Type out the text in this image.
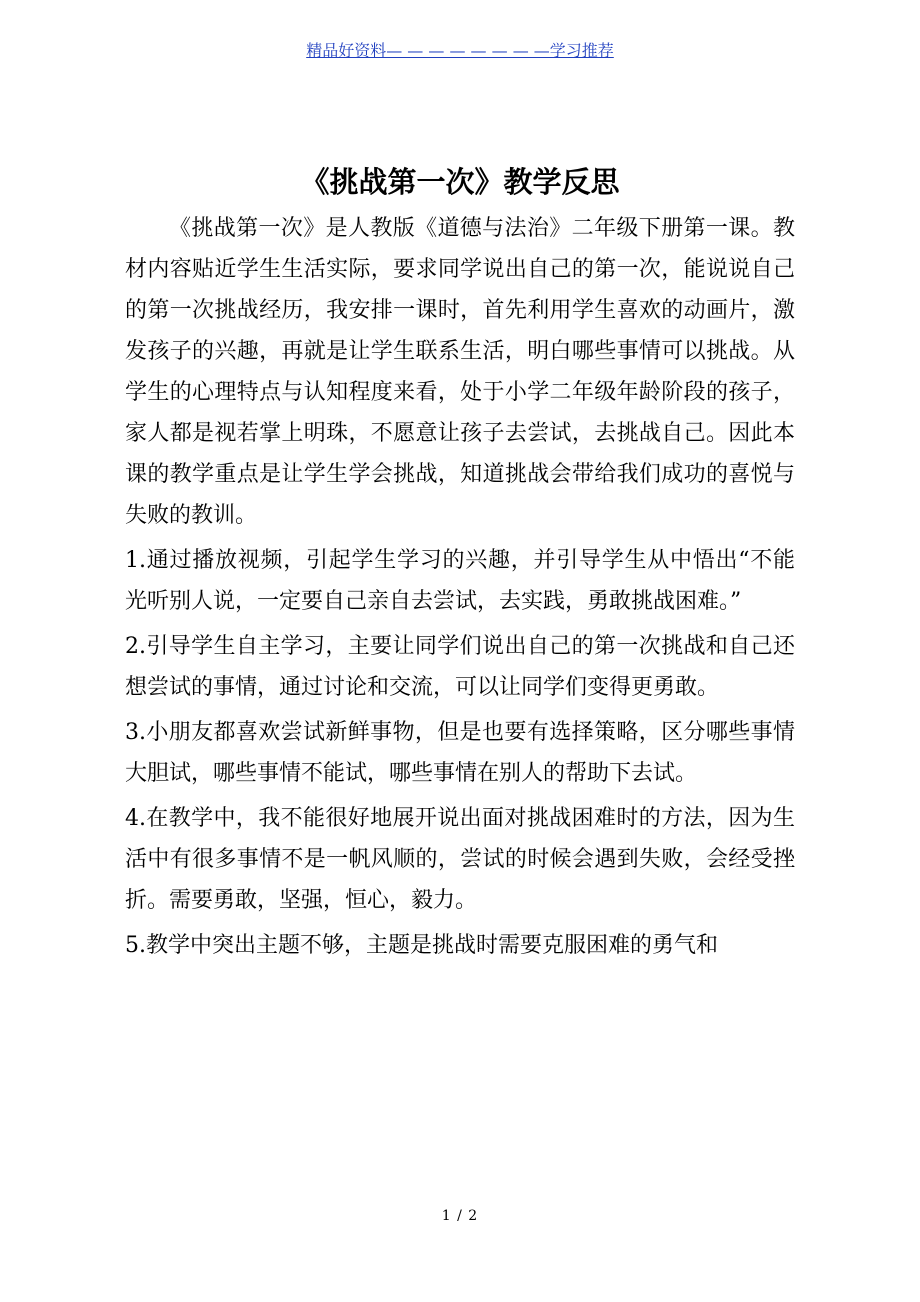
精品好资料— — — — — — — —学习推荐
《挑战第一次》教学反思

《挑战第一次》是人教版《道德与法治》二年级下册第一课。教材内容贴近学生生活实际，要求同学说出自己的第一次，能说说自己的第一次挑战经历，我安排一课时，首先利用学生喜欢的动画片，激发孩子的兴趣，再就是让学生联系生活，明白哪些事情可以挑战。从学生的心理特点与认知程度来看，处于小学二年级年龄阶段的孩子，家人都是视若掌上明珠，不愿意让孩子去尝试，去挑战自己。因此本课的教学重点是让学生学会挑战，知道挑战会带给我们成功的喜悦与失败的教训。

1.通过播放视频，引起学生学习的兴趣，并引导学生从中悟出“不能光听别人说，一定要自己亲自去尝试，去实践，勇敢挑战困难。”

2.引导学生自主学习，主要让同学们说出自己的第一次挑战和自己还想尝试的事情，通过讨论和交流，可以让同学们变得更勇敢。

3.小朋友都喜欢尝试新鲜事物，但是也要有选择策略，区分哪些事情大胆试，哪些事情不能试，哪些事情在别人的帮助下去试。

4.在教学中，我不能很好地展开说出面对挑战困难时的方法，因为生活中有很多事情不是一帆风顺的，尝试的时候会遇到失败，会经受挫折。需要勇敢，坚强，恒心，毅力。

5.教学中突出主题不够，主题是挑战时需要克服困难的勇气和

1 / 2
